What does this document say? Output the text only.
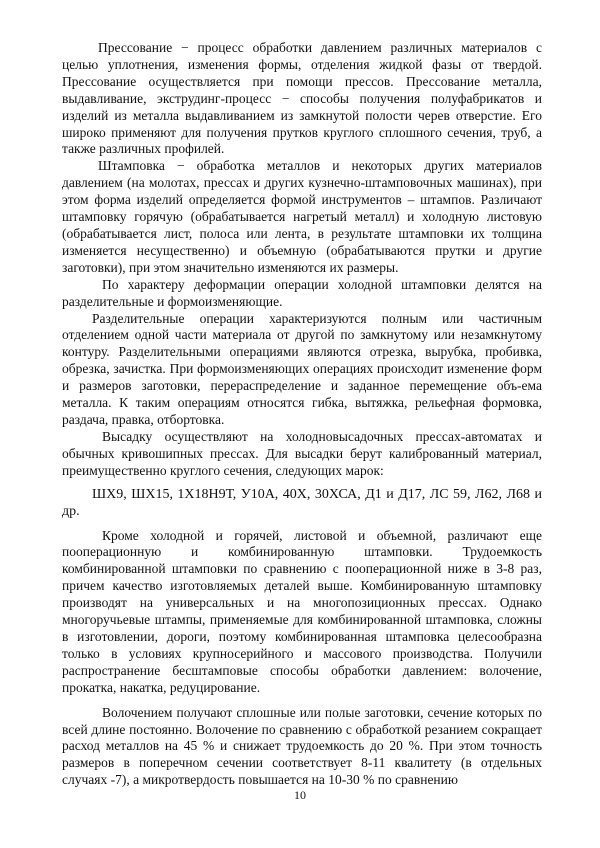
Прессование − процесс обработки давлением различных материалов с целью уплотнения, изменения формы, отделения жидкой фазы от твердой. Прессование осуществляется при помощи прессов. Прессование металла, выдавливание, экструдинг-процесс − способы получения полуфабрикатов и изделий из металла выдавливанием из замкнутой полости черев отверстие. Его широко применяют для получения прутков круглого сплошного сечения, труб, а также различных профилей.

Штамповка − обработка металлов и некоторых других материалов давлением (на молотах, прессах и других кузнечно-штамповочных машинах), при этом форма изделий определяется формой инструментов – штампов. Различают штамповку горячую (обрабатывается нагретый металл) и холодную листовую (обрабатывается лист, полоса или лента, в результате штамповки их толщина изменяется несущественно) и объемную (обрабатываются прутки и другие заготовки), при этом значительно изменяются их размеры.

По характеру деформации операции холодной штамповки делятся на разделительные и формоизменяющие.

Разделительные операции характеризуются полным или частичным отделением одной части материала от другой по замкнутому или незамкнутому контуру. Разделительными операциями являются отрезка, вырубка, пробивка, обрезка, зачистка. При формоизменяющих операциях происходит изменение форм и размеров заготовки, перераспределение и заданное перемещение объ-ема металла. К таким операциям относятся гибка, вытяжка, рельефная формовка, раздача, правка, отбортовка.

Высадку осуществляют на холодновысадочных прессах-автоматах и обычных кривошипных прессах. Для высадки берут калиброванный материал, преимущественно круглого сечения, следующих марок:

ШХ9, ШХ15, 1Х18Н9Т, У10А, 40Х, 30ХСА, Д1 и Д17, ЛС 59, Л62, Л68 и др.

Кроме холодной и горячей, листовой и объемной, различают еще пооперационную и комбинированную штамповки. Трудоемкость комбинированной штамповки по сравнению с пооперационной ниже в 3-8 раз, причем качество изготовляемых деталей выше. Комбинированную штамповку производят на универсальных и на многопозиционных прессах. Однако многоручьевые штампы, применяемые для комбинированной штамповка, сложны в изготовлении, дороги, поэтому комбинированная штамповка целесообразна только в условиях крупносерийного и массового производства. Получили распространение бесштамповые способы обработки давлением: волочение, прокатка, накатка, редуцирование.

Волочением получают сплошные или полые заготовки, сечение которых по всей длине постоянно. Волочение по сравнению с обработкой резанием сокращает расход металлов на 45 % и снижает трудоемкость до 20 %. При этом точность размеров в поперечном сечении соответствует 8-11 квалитету (в отдельных случаях -7), а микротвердость повышается на 10-30 % по сравнению

10
